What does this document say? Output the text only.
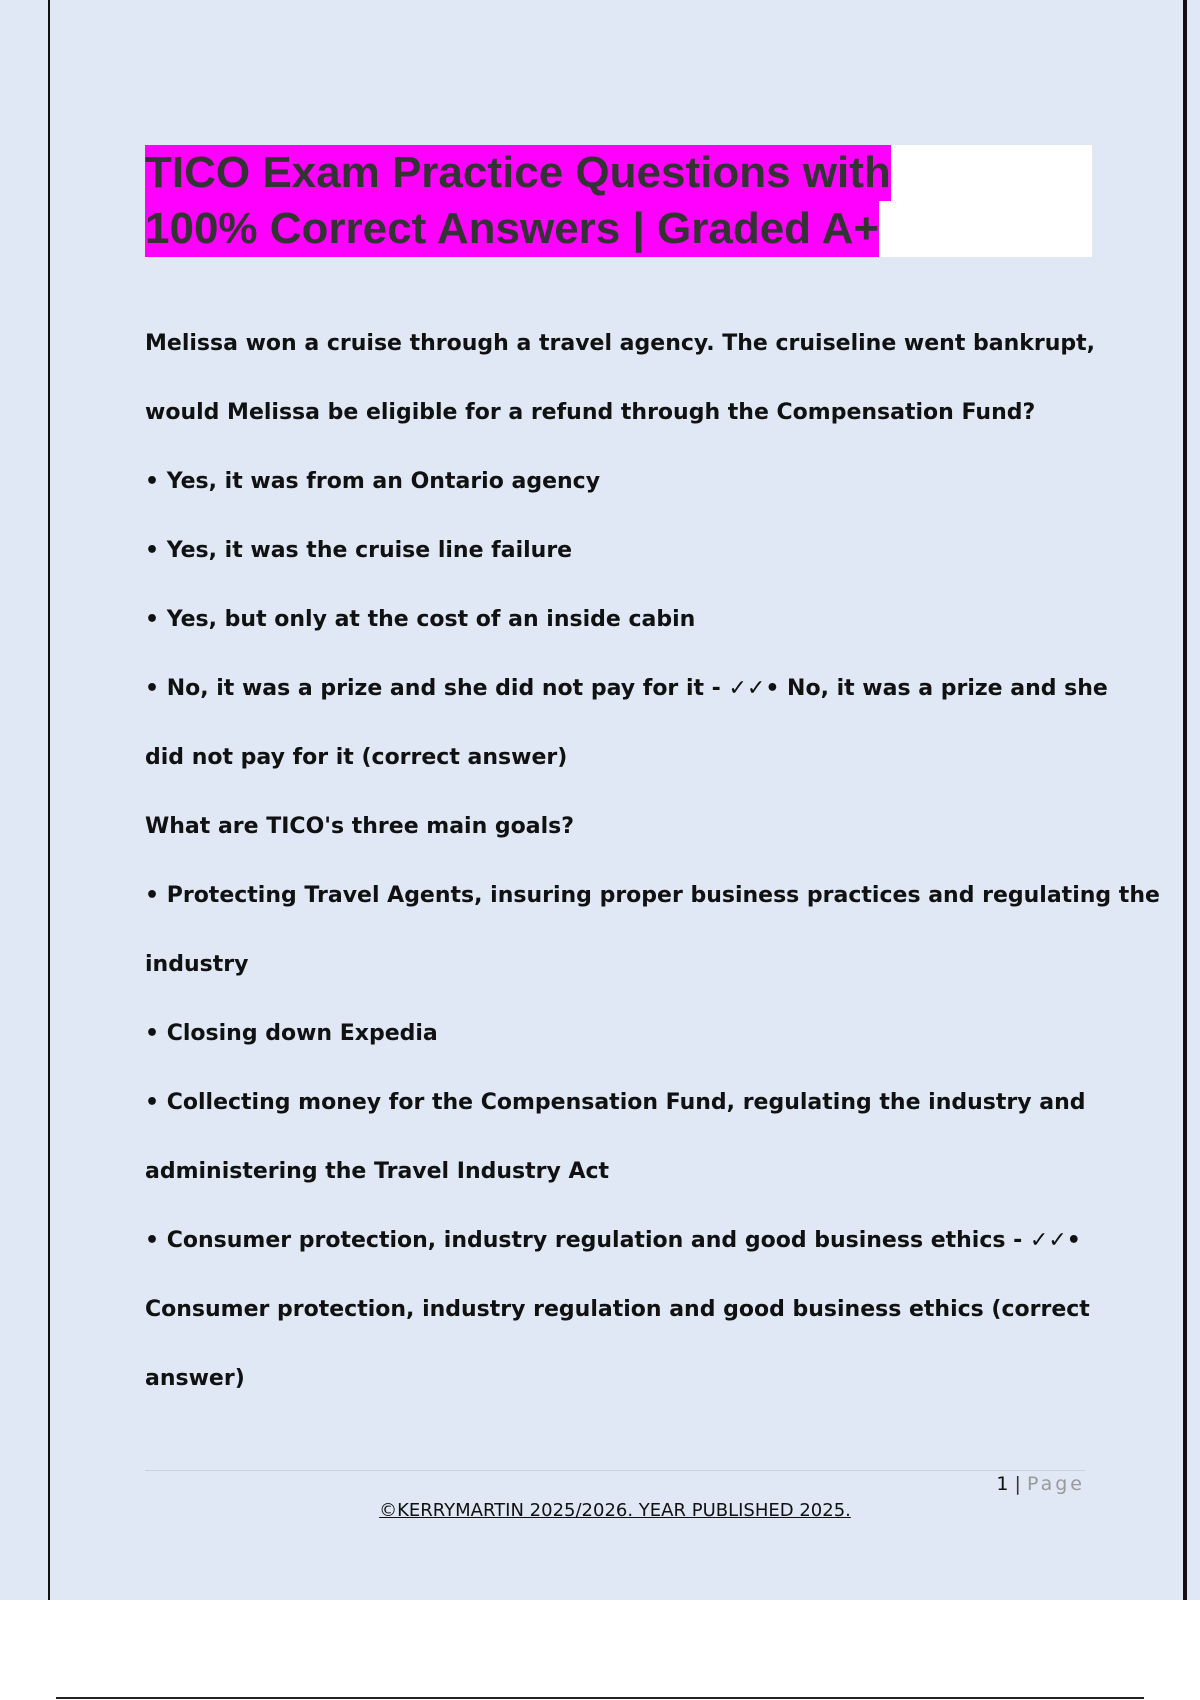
TICO Exam Practice Questions with
100% Correct Answers | Graded A+
Melissa won a cruise through a travel agency. The cruiseline went bankrupt,
would Melissa be eligible for a refund through the Compensation Fund?
• Yes, it was from an Ontario agency
• Yes, it was the cruise line failure
• Yes, but only at the cost of an inside cabin
• No, it was a prize and she did not pay for it - ✓✓• No, it was a prize and she
did not pay for it (correct answer)
What are TICO's three main goals?
• Protecting Travel Agents, insuring proper business practices and regulating the
industry
• Closing down Expedia
• Collecting money for the Compensation Fund, regulating the industry and
administering the Travel Industry Act
• Consumer protection, industry regulation and good business ethics - ✓✓•
Consumer protection, industry regulation and good business ethics (correct
answer)
1 | Page
©KERRYMARTIN 2025/2026. YEAR PUBLISHED 2025.
